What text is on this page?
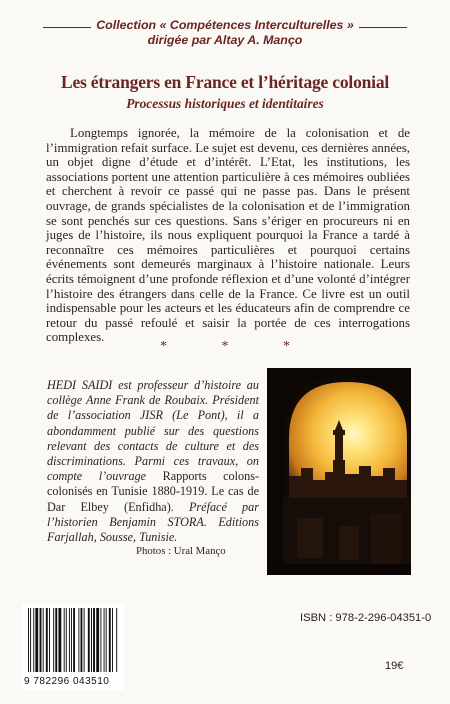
Collection « Compétences Interculturelles »
dirigée par Altay A. Manço
Les étrangers en France et l’héritage colonial
Processus historiques et identitaires

Longtemps ignorée, la mémoire de la colonisation et de l’immigration refait surface. Le sujet est devenu, ces dernières années, un objet digne d’étude et d’intérêt. L’Etat, les institutions, les associations portent une attention particulière à ces mémoires oubliées et cherchent à revoir ce passé qui ne passe pas. Dans le présent ouvrage, de grands spécialistes de la colonisation et de l’immigration se sont penchés sur ces questions. Sans s’ériger en procureurs ni en juges de l’histoire, ils nous expliquent pourquoi la France a tardé à reconnaître ces mémoires particulières et pourquoi certains événements sont demeurés marginaux à l’histoire nationale. Leurs écrits témoignent d’une profonde réflexion et d’une volonté d’intégrer l’histoire des étrangers dans celle de la France. Ce livre est un outil indispensable pour les acteurs et les éducateurs afin de comprendre ce retour du passé refoulé et saisir la portée de ces interrogations complexes.

*	*	*
HEDI SAIDI est professeur d’histoire au collège Anne Frank de Roubaix. Président de l’association JISR (Le Pont), il a abondamment publié sur des questions relevant des contacts de culture et des discriminations. Parmi ces travaux, on compte l’ouvrage Rapports colons-colonisés en Tunisie 1880-1919. Le cas de Dar Elbey (Enfidha). Préfacé par l’historien Benjamin STORA. Editions Farjallah, Sousse, Tunisie.
Photos : Ural Manço
ISBN : 978-2-296-04351-0
19€
9 782296 043510
